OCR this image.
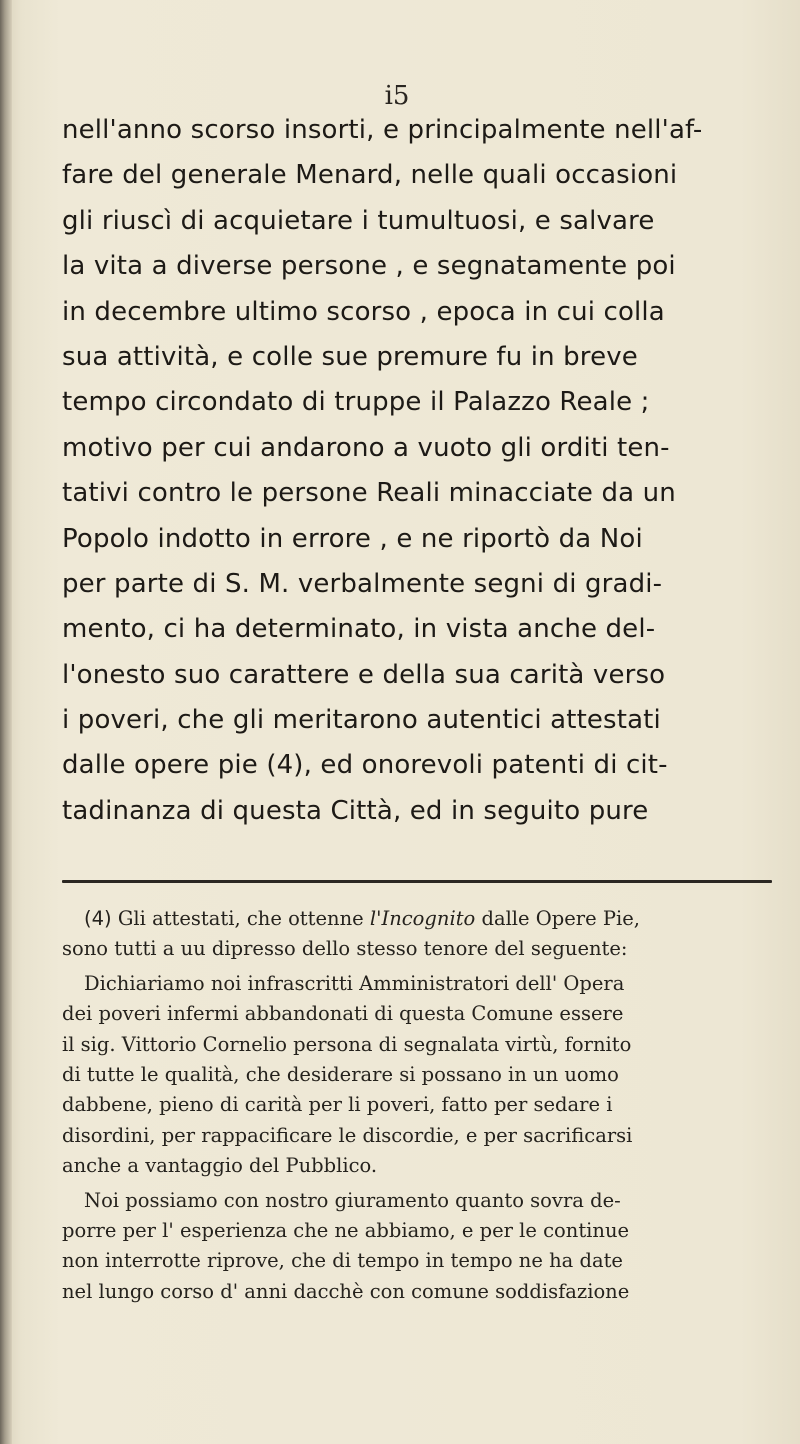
i5
nell'anno scorso insorti, e principalmente nell'af-
fare del generale Menard, nelle quali occasioni
gli riuscì di acquietare i tumultuosi, e salvare
la vita a diverse persone , e segnatamente poi
in decembre ultimo scorso , epoca in cui colla
sua attività, e colle sue premure fu in breve
tempo circondato di truppe il Palazzo Reale ;
motivo per cui andarono a vuoto gli orditi ten-
tativi contro le persone Reali minacciate da un
Popolo indotto in errore , e ne riportò da Noi
per parte di S. M. verbalmente segni di gradi-
mento, ci ha determinato, in vista anche del-
l'onesto suo carattere e della sua carità verso
i poveri, che gli meritarono autentici attestati
dalle opere pie (4), ed onorevoli patenti di cit-
tadinanza di questa Città, ed in seguito pure
(4) Gli attestati, che ottenne l'Incognito dalle Opere Pie,
sono tutti a uu dipresso dello stesso tenore del seguente:
Dichiariamo noi infrascritti Amministratori dell' Opera
dei poveri infermi abbandonati di questa Comune essere
il sig. Vittorio Cornelio persona di segnalata virtù, fornito
di tutte le qualità, che desiderare si possano in un uomo
dabbene, pieno di carità per li poveri, fatto per sedare i
disordini, per rappacificare le discordie, e per sacrificarsi
anche a vantaggio del Pubblico.
Noi possiamo con nostro giuramento quanto sovra de-
porre per l' esperienza che ne abbiamo, e per le continue
non interrotte riprove, che di tempo in tempo ne ha date
nel lungo corso d' anni dacchè con comune soddisfazione
